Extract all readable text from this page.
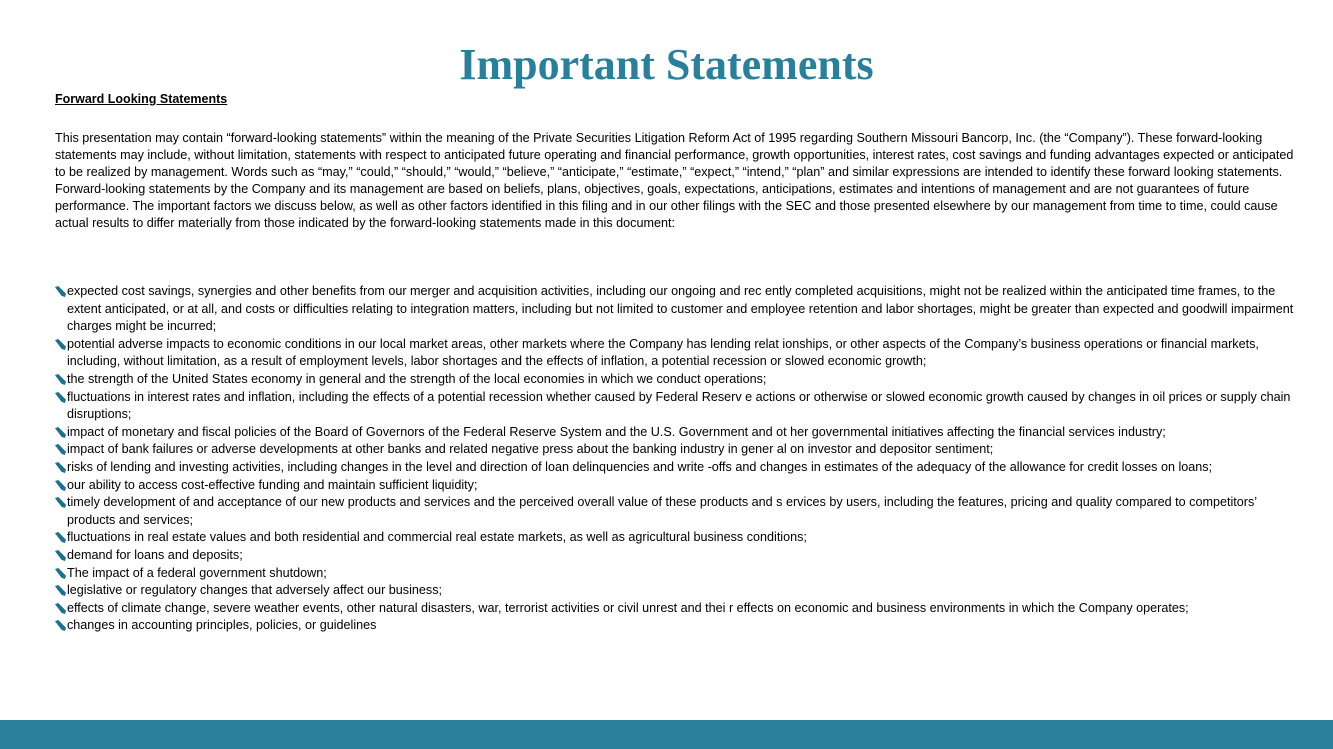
Important Statements
Forward Looking Statements

This presentation may contain “forward-looking statements” within the meaning of the Private Securities Litigation Reform Act of 1995 regarding Southern Missouri Bancorp, Inc. (the “Company”). These forward-looking statements may include, without limitation, statements with respect to anticipated future operating and financial performance, growth opportunities, interest rates, cost savings and funding advantages expected or anticipated to be realized by management. Words such as “may,” “could,” “should,” “would,” “believe,” “anticipate,” “estimate,” “expect,” “intend,” “plan” and similar expressions are intended to identify these forward looking statements. Forward-looking statements by the Company and its management are based on beliefs, plans, objectives, goals, expectations, anticipations, estimates and intentions of management and are not guarantees of future performance. The important factors we discuss below, as well as other factors identified in this filing and in our other filings with the SEC and those presented elsewhere by our management from time to time, could cause actual results to differ materially from those indicated by the forward-looking statements made in this document:

expected cost savings, synergies and other benefits from our merger and acquisition activities, including our ongoing and rec ently completed acquisitions, might not be realized within the anticipated time frames, to the extent anticipated, or at all, and costs or difficulties relating to integration matters, including but not limited to customer and employee retention and labor shortages, might be greater than expected and goodwill impairment charges might be incurred;
potential adverse impacts to economic conditions in our local market areas, other markets where the Company has lending relat ionships, or other aspects of the Company’s business operations or financial markets, including, without limitation, as a result of employment levels, labor shortages and the effects of inflation, a potential recession or slowed economic growth;
the strength of the United States economy in general and the strength of the local economies in which we conduct operations;
fluctuations in interest rates and inflation, including the effects of a potential recession whether caused by Federal Reserv e actions or otherwise or slowed economic growth caused by changes in oil prices or supply chain disruptions;
impact of monetary and fiscal policies of the Board of Governors of the Federal Reserve System and the U.S. Government and ot her governmental initiatives affecting the financial services industry;
impact of bank failures or adverse developments at other banks and related negative press about the banking industry in gener al on investor and depositor sentiment;
risks of lending and investing activities, including changes in the level and direction of loan delinquencies and write -offs and changes in estimates of the adequacy of the allowance for credit losses on loans;
our ability to access cost-effective funding and maintain sufficient liquidity;
timely development of and acceptance of our new products and services and the perceived overall value of these products and s ervices by users, including the features, pricing and quality compared to competitors’ products and services;
fluctuations in real estate values and both residential and commercial real estate markets, as well as agricultural business conditions;
demand for loans and deposits;
The impact of a federal government shutdown;
legislative or regulatory changes that adversely affect our business;
effects of climate change, severe weather events, other natural disasters, war, terrorist activities or civil unrest and thei r effects on economic and business environments in which the Company operates;
changes in accounting principles, policies, or guidelines
